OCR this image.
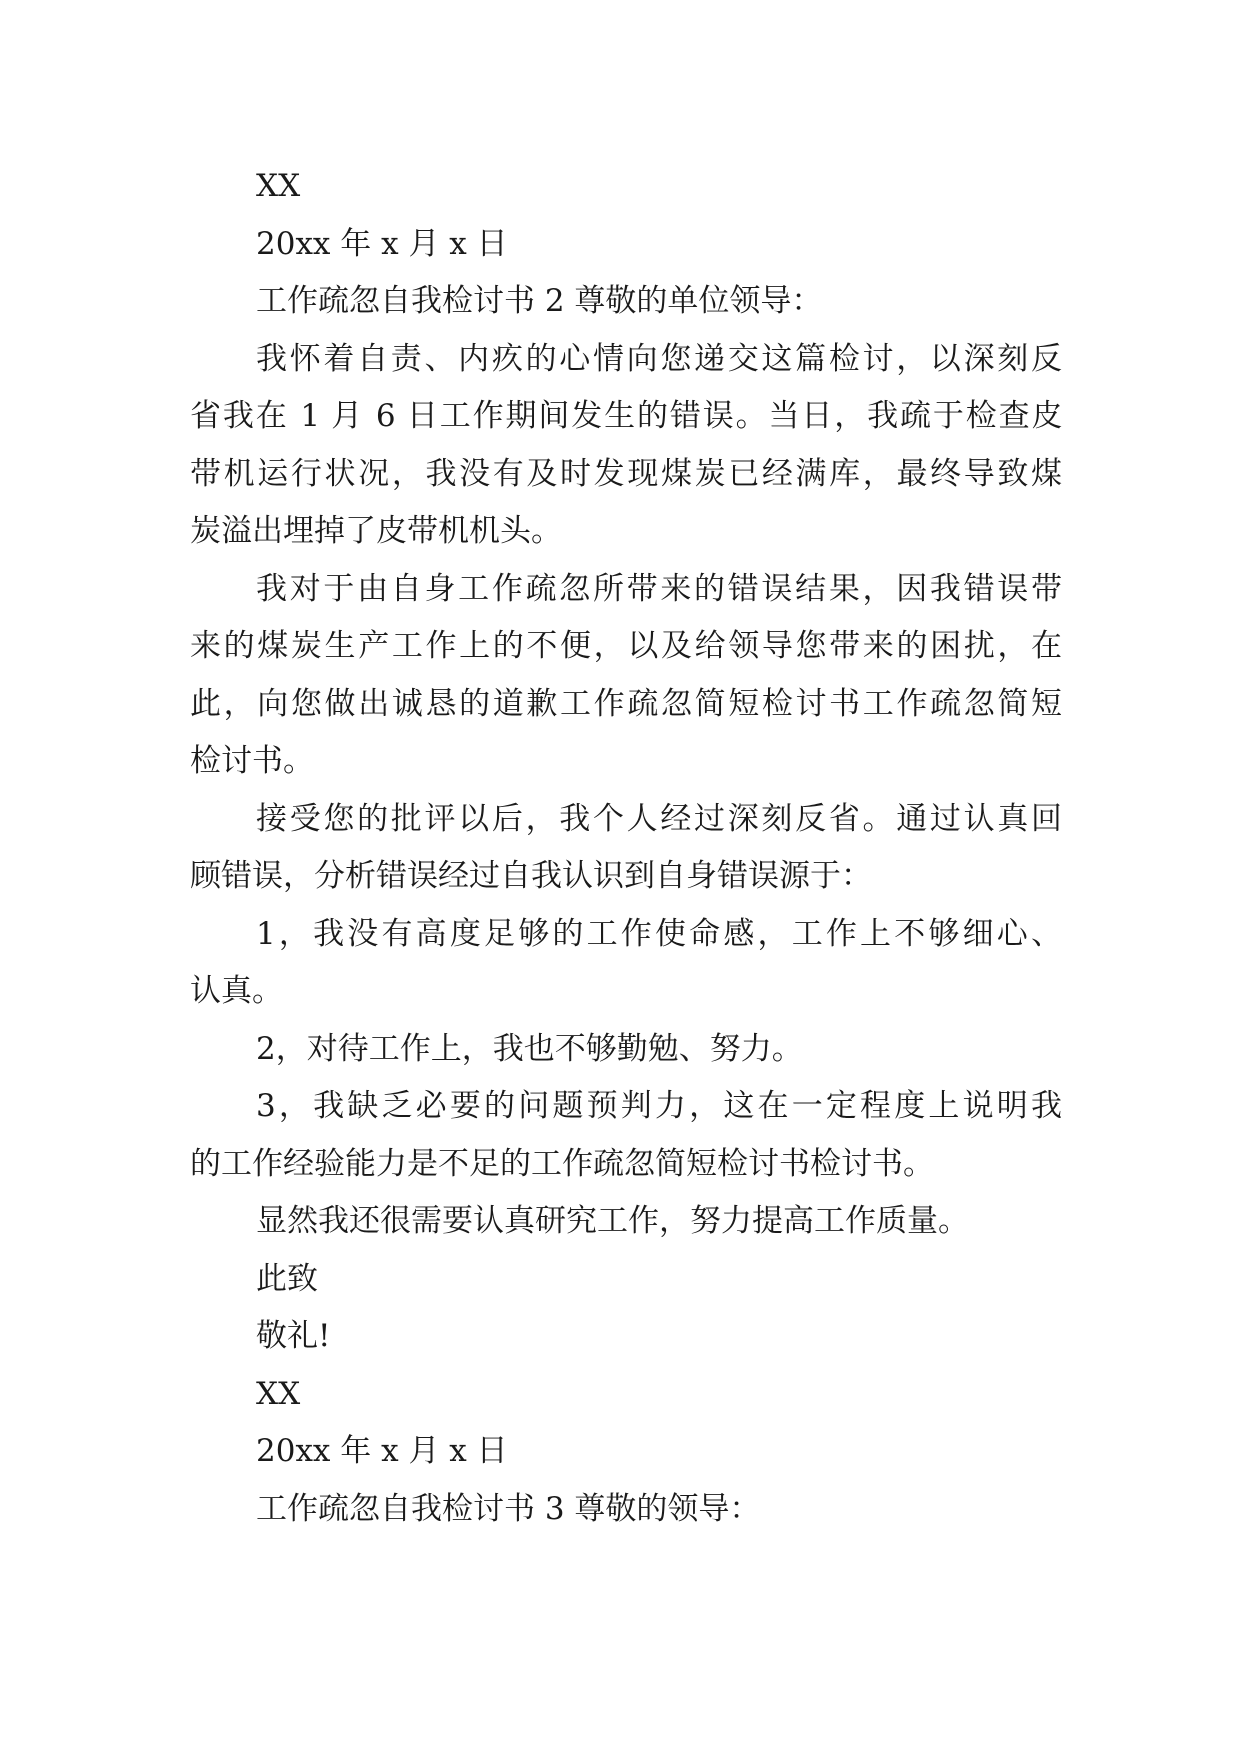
XX
20xx 年 x 月 x 日
工作疏忽自我检讨书 2 尊敬的单位领导：
我怀着自责、内疚的心情向您递交这篇检讨，以深刻反
省我在 1 月 6 日工作期间发生的错误。当日，我疏于检查皮
带机运行状况，我没有及时发现煤炭已经满库，最终导致煤
炭溢出埋掉了皮带机机头。
我对于由自身工作疏忽所带来的错误结果，因我错误带
来的煤炭生产工作上的不便，以及给领导您带来的困扰，在
此，向您做出诚恳的道歉工作疏忽简短检讨书工作疏忽简短
检讨书。
接受您的批评以后，我个人经过深刻反省。通过认真回
顾错误，分析错误经过自我认识到自身错误源于：
1，我没有高度足够的工作使命感，工作上不够细心、
认真。
2，对待工作上，我也不够勤勉、努力。
3，我缺乏必要的问题预判力，这在一定程度上说明我
的工作经验能力是不足的工作疏忽简短检讨书检讨书。
显然我还很需要认真研究工作，努力提高工作质量。
此致
敬礼!
XX
20xx 年 x 月 x 日
工作疏忽自我检讨书 3 尊敬的领导：
